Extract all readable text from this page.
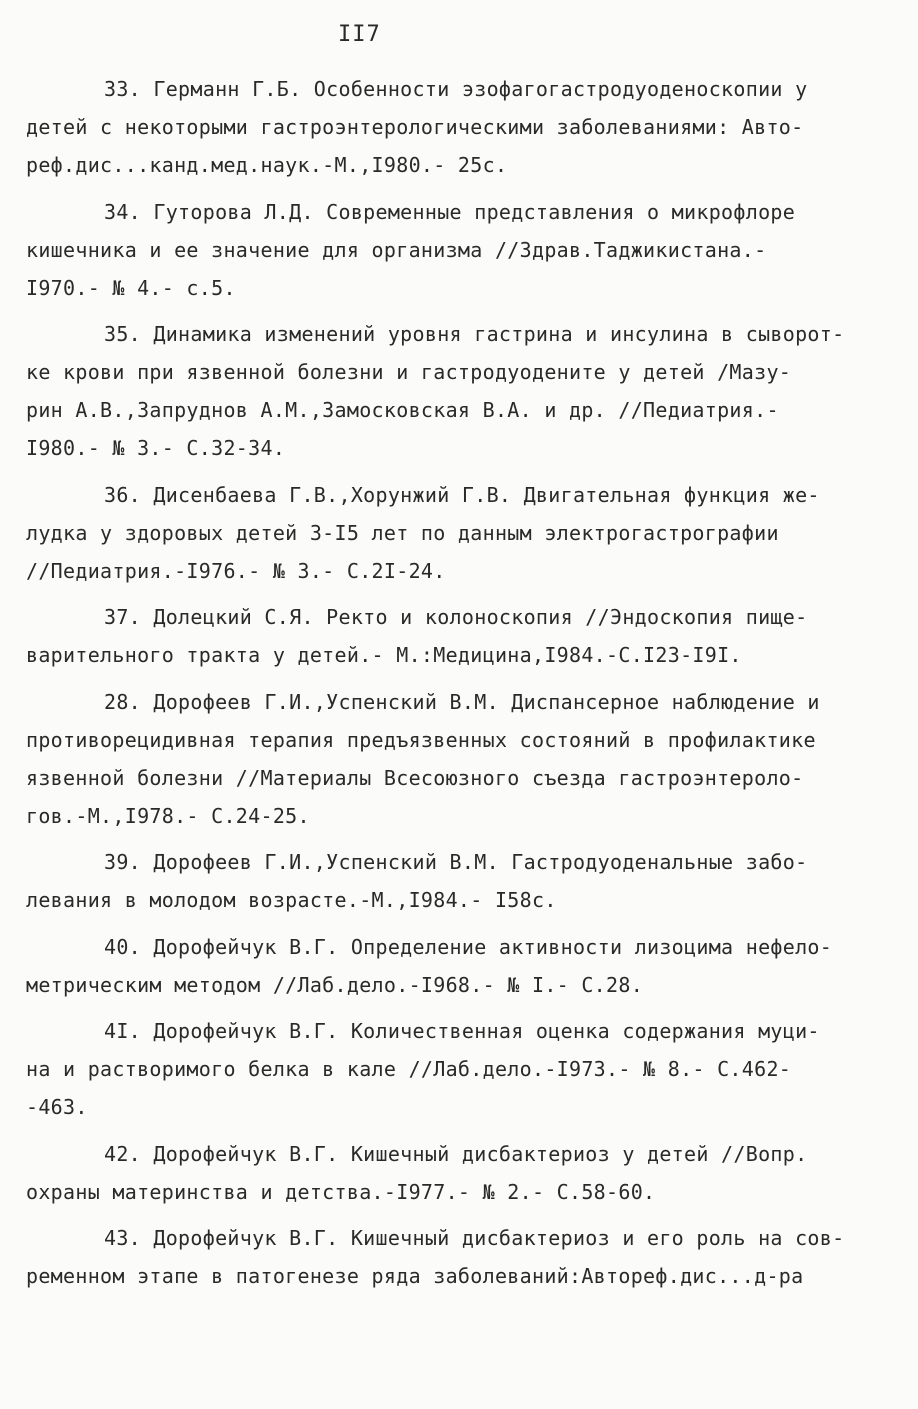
II7
33. Германн Г.Б. Особенности эзофагогастродуоденоскопии у
детей с некоторыми гастроэнтерологическими заболеваниями: Авто-
реф.дис...канд.мед.наук.-М.,I980.- 25с.
34. Гуторова Л.Д. Современные представления о микрофлоре
кишечника и ее значение для организма //Здрав.Таджикистана.-
I970.- № 4.- с.5.
35. Динамика изменений уровня гастрина и инсулина в сыворот-
ке крови при язвенной болезни и гастродуодените у детей /Мазу-
рин А.В.,Запруднов А.М.,Замосковская В.А. и др. //Педиатрия.-
I980.- № 3.- С.32-34.
36. Дисенбаева Г.В.,Хорунжий Г.В. Двигательная функция же-
лудка у здоровых детей 3-I5 лет по данным электрогастрографии
//Педиатрия.-I976.- № 3.- С.2I-24.
37. Долецкий С.Я. Ректо и колоноскопия //Эндоскопия пище-
варительного тракта у детей.- М.:Медицина,I984.-С.I23-I9I.
28. Дорофеев Г.И.,Успенский В.М. Диспансерное наблюдение и
противорецидивная терапия предъязвенных состояний в профилактике
язвенной болезни //Материалы Всесоюзного съезда гастроэнтероло-
гов.-М.,I978.- С.24-25.
39. Дорофеев Г.И.,Успенский В.М. Гастродуоденальные забо-
левания в молодом возрасте.-М.,I984.- I58с.
40. Дорофейчук В.Г. Определение активности лизоцима нефело-
метрическим методом //Лаб.дело.-I968.- № I.- С.28.
4I. Дорофейчук В.Г. Количественная оценка содержания муци-
на и растворимого белка в кале //Лаб.дело.-I973.- № 8.- С.462-
-463.
42. Дорофейчук В.Г. Кишечный дисбактериоз у детей //Вопр.
охраны материнства и детства.-I977.- № 2.- С.58-60.
43. Дорофейчук В.Г. Кишечный дисбактериоз и его роль на сов-
ременном этапе в патогенезе ряда заболеваний:Автореф.дис...д-ра
